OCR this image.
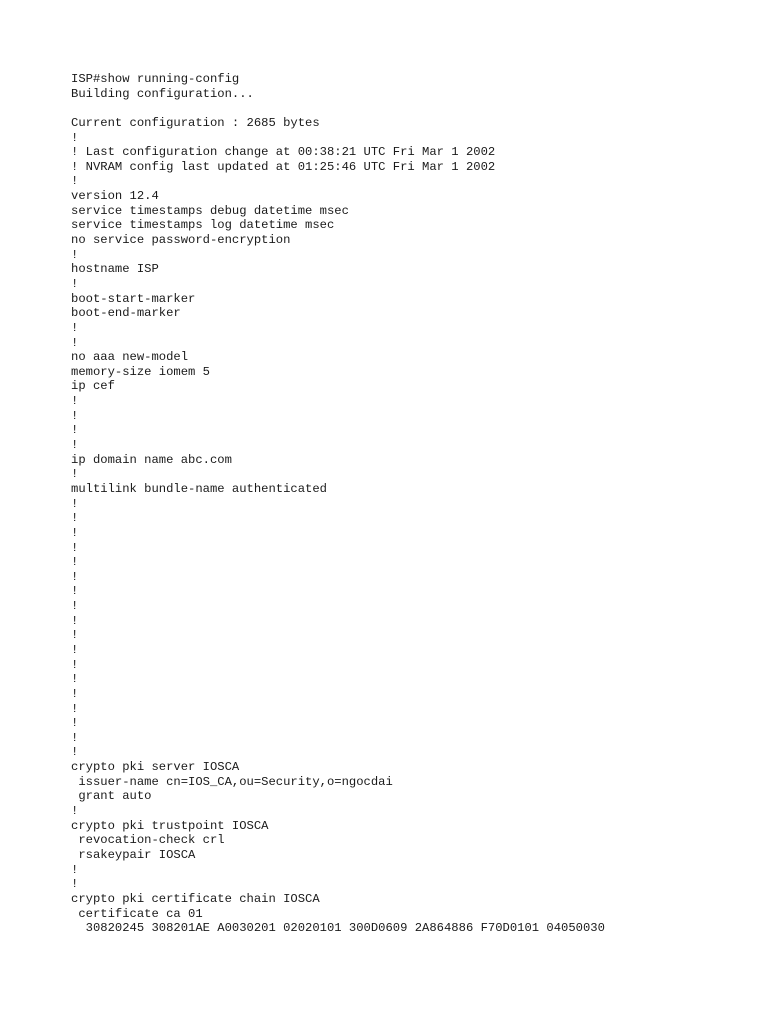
ISP#show running-config
Building configuration...
Current configuration : 2685 bytes
!
! Last configuration change at 00:38:21 UTC Fri Mar 1 2002
! NVRAM config last updated at 01:25:46 UTC Fri Mar 1 2002
!
version 12.4
service timestamps debug datetime msec
service timestamps log datetime msec
no service password-encryption
!
hostname ISP
!
boot-start-marker
boot-end-marker
!
!
no aaa new-model
memory-size iomem 5
ip cef
!
!
!
!
ip domain name abc.com
!
multilink bundle-name authenticated
!
!
!
!
!
!
!
!
!
!
!
!
!
!
!
!
!
!
crypto pki server IOSCA
issuer-name cn=IOS_CA,ou=Security,o=ngocdai
grant auto
!
crypto pki trustpoint IOSCA
revocation-check crl
rsakeypair IOSCA
!
!
crypto pki certificate chain IOSCA
certificate ca 01
30820245 308201AE A0030201 02020101 300D0609 2A864886 F70D0101 04050030
